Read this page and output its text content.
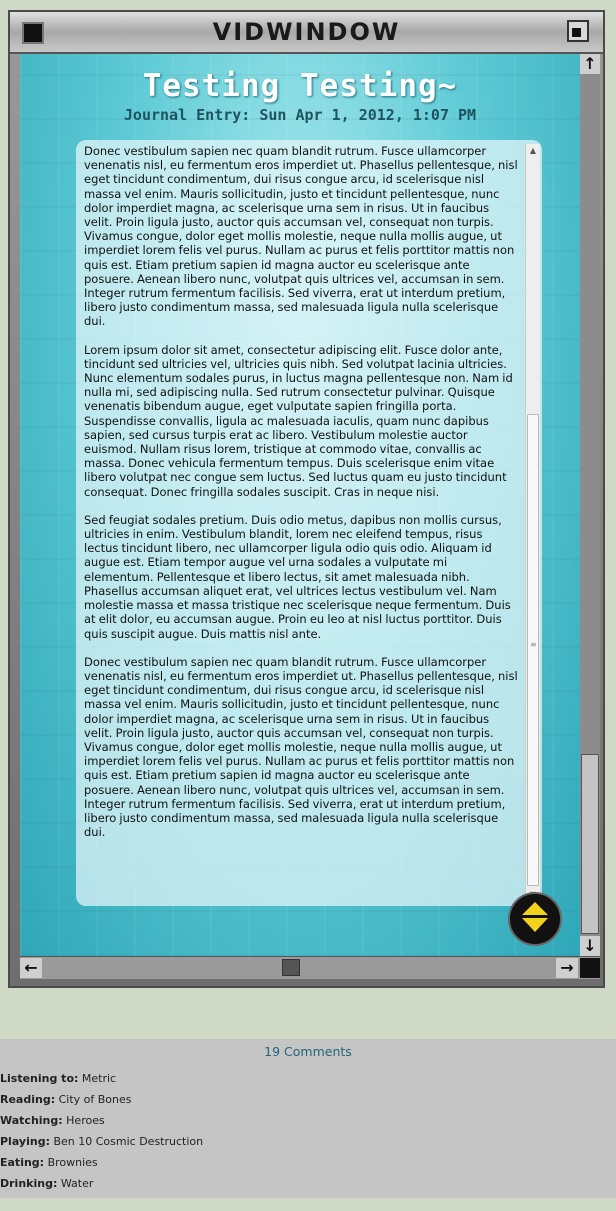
VIDWINDOW
Testing Testing~
Journal Entry: Sun Apr 1, 2012, 1:07 PM

Donec vestibulum sapien nec quam blandit rutrum. Fusce ullamcorper venenatis nisl, eu fermentum eros imperdiet ut. Phasellus pellentesque, nisl eget tincidunt condimentum, dui risus congue arcu, id scelerisque nisl massa vel enim. Mauris sollicitudin, justo et tincidunt pellentesque, nunc dolor imperdiet magna, ac scelerisque urna sem in risus. Ut in faucibus velit. Proin ligula justo, auctor quis accumsan vel, consequat non turpis. Vivamus congue, dolor eget mollis molestie, neque nulla mollis augue, ut imperdiet lorem felis vel purus. Nullam ac purus et felis porttitor mattis non quis est. Etiam pretium sapien id magna auctor eu scelerisque ante posuere. Aenean libero nunc, volutpat quis ultrices vel, accumsan in sem. Integer rutrum fermentum facilisis. Sed viverra, erat ut interdum pretium, libero justo condimentum massa, sed malesuada ligula nulla scelerisque dui.

Lorem ipsum dolor sit amet, consectetur adipiscing elit. Fusce dolor ante, tincidunt sed ultricies vel, ultricies quis nibh. Sed volutpat lacinia ultricies. Nunc elementum sodales purus, in luctus magna pellentesque non. Nam id nulla mi, sed adipiscing nulla. Sed rutrum consectetur pulvinar. Quisque venenatis bibendum augue, eget vulputate sapien fringilla porta. Suspendisse convallis, ligula ac malesuada iaculis, quam nunc dapibus sapien, sed cursus turpis erat ac libero. Vestibulum molestie auctor euismod. Nullam risus lorem, tristique at commodo vitae, convallis ac massa. Donec vehicula fermentum tempus. Duis scelerisque enim vitae libero volutpat nec congue sem luctus. Sed luctus quam eu justo tincidunt consequat. Donec fringilla sodales suscipit. Cras in neque nisi.

Sed feugiat sodales pretium. Duis odio metus, dapibus non mollis cursus, ultricies in enim. Vestibulum blandit, lorem nec eleifend tempus, risus lectus tincidunt libero, nec ullamcorper ligula odio quis odio. Aliquam id augue est. Etiam tempor augue vel urna sodales a vulputate mi elementum. Pellentesque et libero lectus, sit amet malesuada nibh. Phasellus accumsan aliquet erat, vel ultrices lectus vestibulum vel. Nam molestie massa et massa tristique nec scelerisque neque fermentum. Duis at elit dolor, eu accumsan augue. Proin eu leo at nisl luctus porttitor. Duis quis suscipit augue. Duis mattis nisl ante.

Donec vestibulum sapien nec quam blandit rutrum. Fusce ullamcorper venenatis nisl, eu fermentum eros imperdiet ut. Phasellus pellentesque, nisl eget tincidunt condimentum, dui risus congue arcu, id scelerisque nisl massa vel enim. Mauris sollicitudin, justo et tincidunt pellentesque, nunc dolor imperdiet magna, ac scelerisque urna sem in risus. Ut in faucibus velit. Proin ligula justo, auctor quis accumsan vel, consequat non turpis. Vivamus congue, dolor eget mollis molestie, neque nulla mollis augue, ut imperdiet lorem felis vel purus. Nullam ac purus et felis porttitor mattis non quis est. Etiam pretium sapien id magna auctor eu scelerisque ante posuere. Aenean libero nunc, volutpat quis ultrices vel, accumsan in sem. Integer rutrum fermentum facilisis. Sed viverra, erat ut interdum pretium, libero justo condimentum massa, sed malesuada ligula nulla scelerisque dui.

▲
≡
↑
↓
←	→
19 Comments
Listening to: Metric
Reading: City of Bones
Watching: Heroes
Playing: Ben 10 Cosmic Destruction
Eating: Brownies
Drinking: Water
